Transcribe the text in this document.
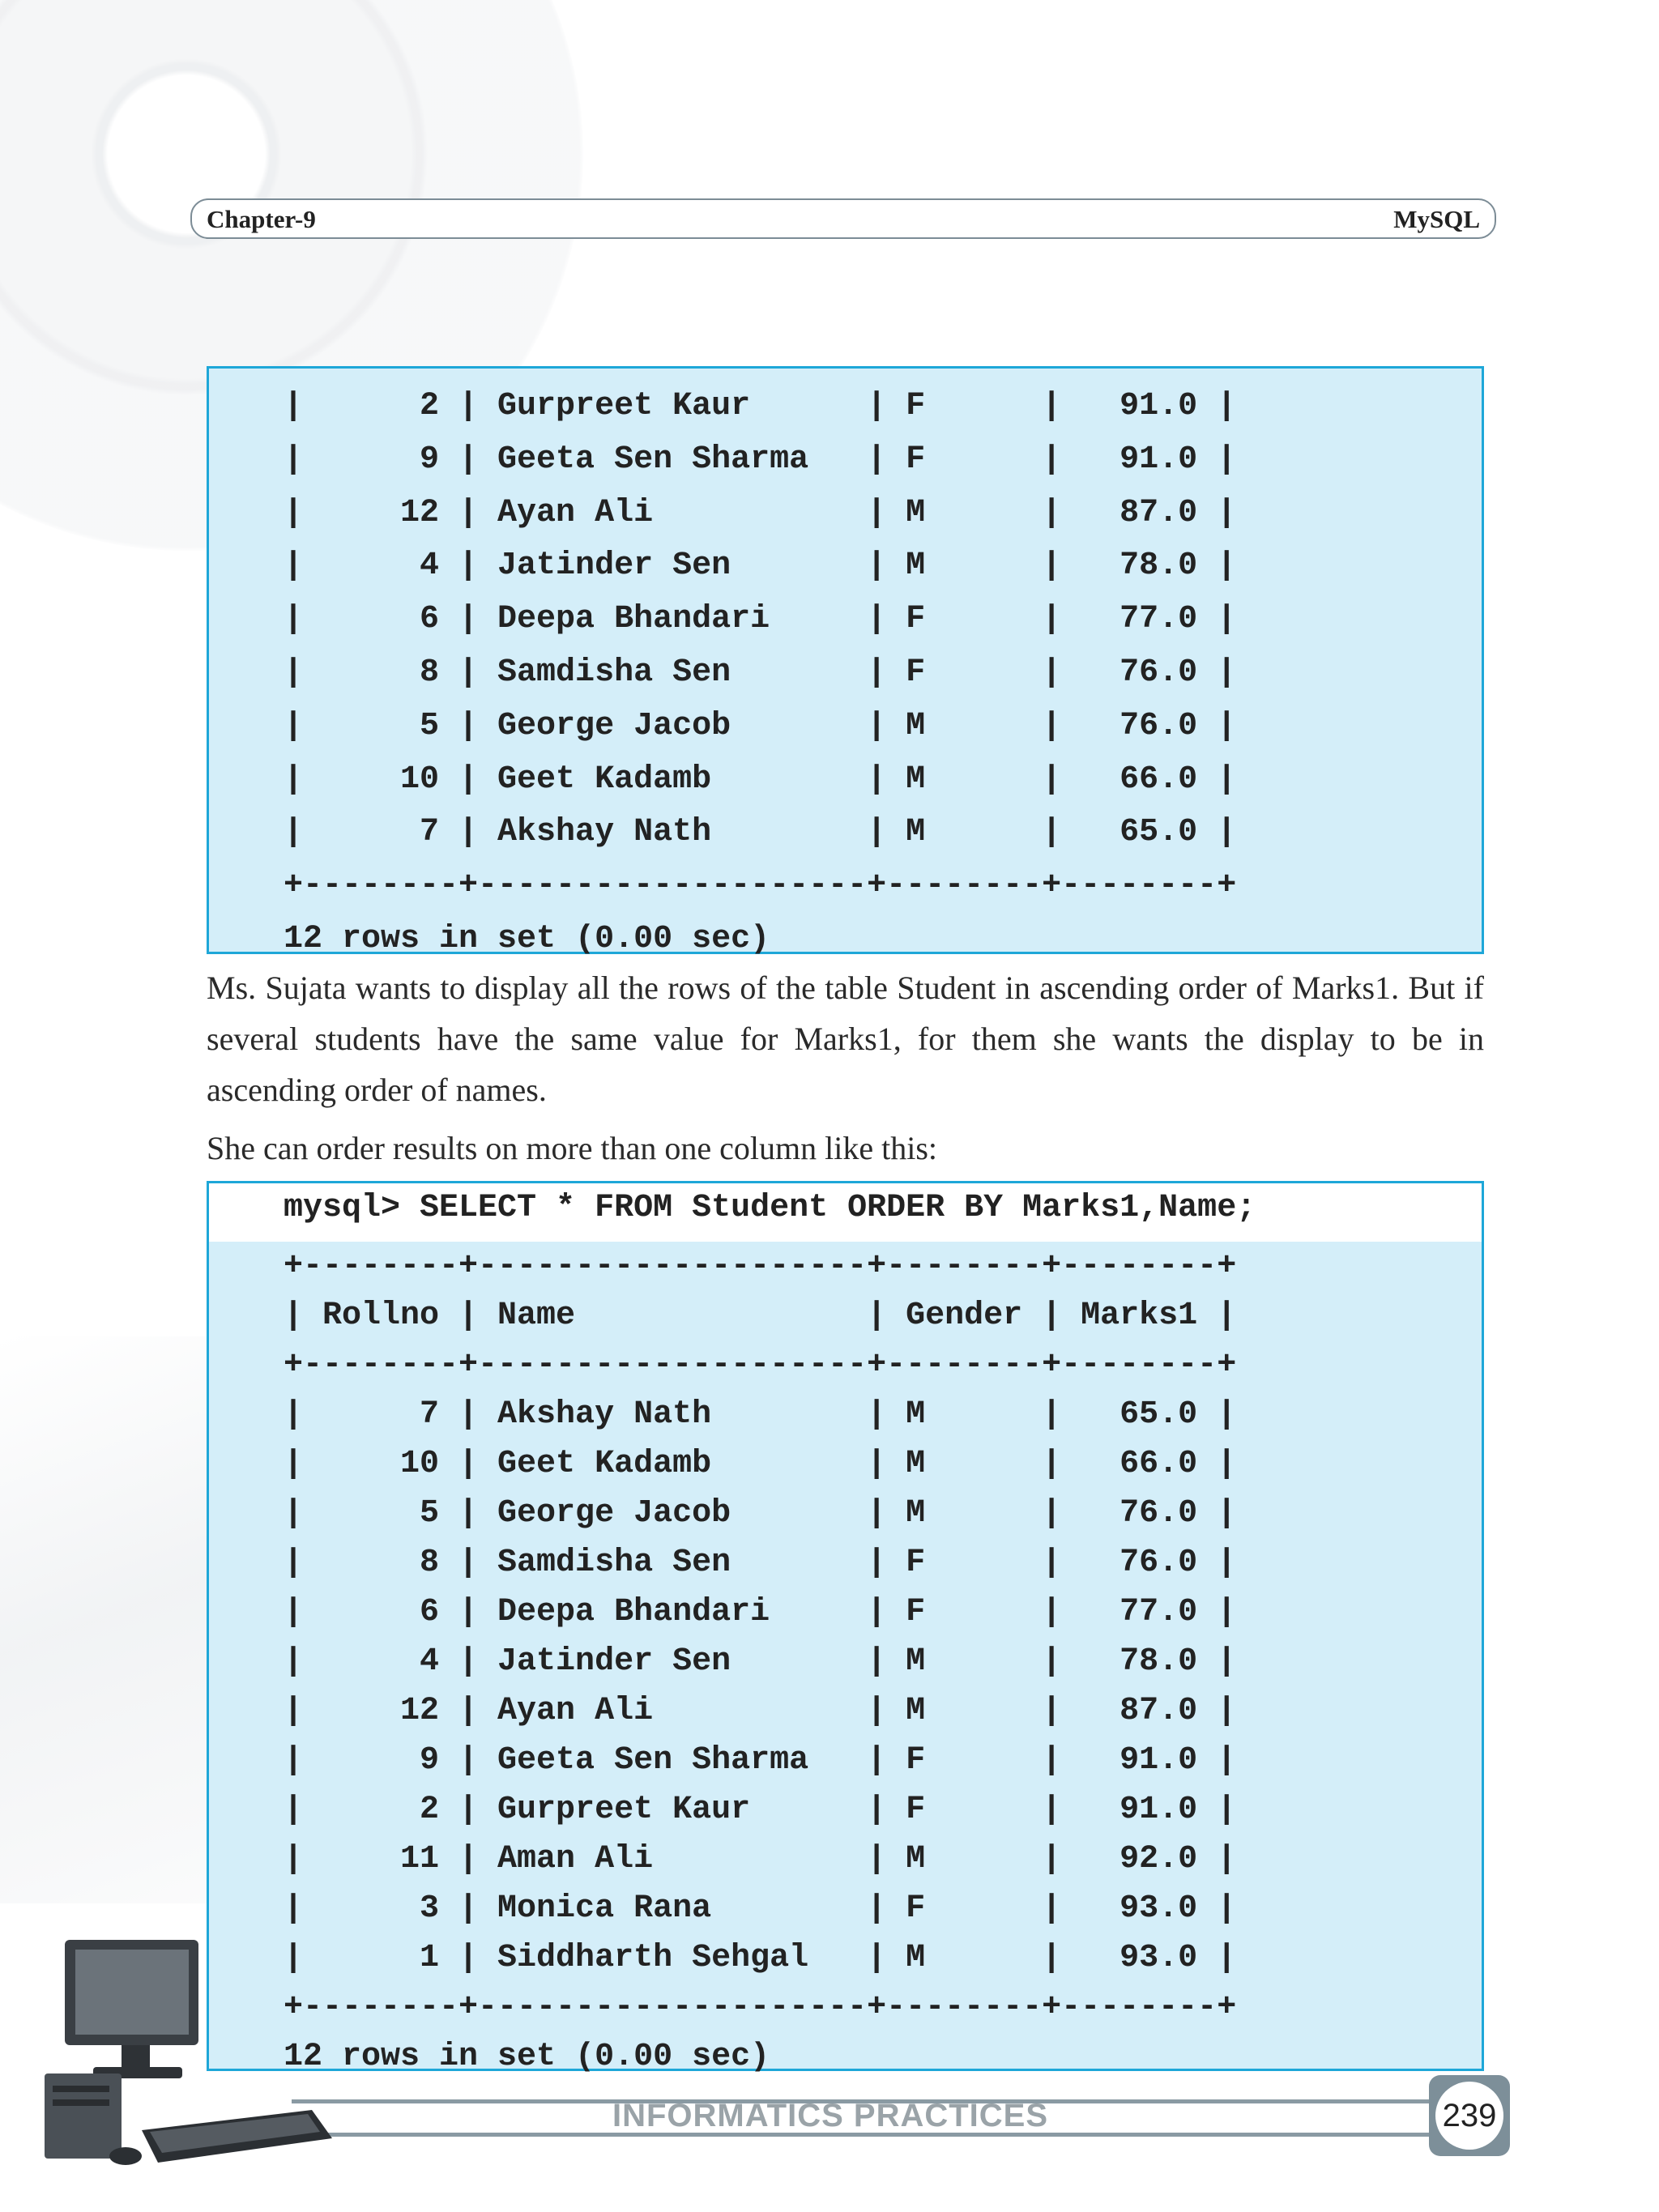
Chapter-9	MySQL
|      2 | Gurpreet Kaur      | F      |   91.0 |
|      9 | Geeta Sen Sharma   | F      |   91.0 |
|     12 | Ayan Ali           | M      |   87.0 |
|      4 | Jatinder Sen       | M      |   78.0 |
|      6 | Deepa Bhandari     | F      |   77.0 |
|      8 | Samdisha Sen       | F      |   76.0 |
|      5 | George Jacob       | M      |   76.0 |
|     10 | Geet Kadamb        | M      |   66.0 |
|      7 | Akshay Nath        | M      |   65.0 |
+--------+--------------------+--------+--------+
12 rows in set (0.00 sec)
Ms. Sujata wants to display all the rows of the table Student in ascending order of Marks1. But if several students have the same value for Marks1, for them she wants the display to be in ascending order of names.
She can order results on more than one column like this:
mysql> SELECT * FROM Student ORDER BY Marks1,Name;
+--------+--------------------+--------+--------+
| Rollno | Name               | Gender | Marks1 |
+--------+--------------------+--------+--------+
|      7 | Akshay Nath        | M      |   65.0 |
|     10 | Geet Kadamb        | M      |   66.0 |
|      5 | George Jacob       | M      |   76.0 |
|      8 | Samdisha Sen       | F      |   76.0 |
|      6 | Deepa Bhandari     | F      |   77.0 |
|      4 | Jatinder Sen       | M      |   78.0 |
|     12 | Ayan Ali           | M      |   87.0 |
|      9 | Geeta Sen Sharma   | F      |   91.0 |
|      2 | Gurpreet Kaur      | F      |   91.0 |
|     11 | Aman Ali           | M      |   92.0 |
|      3 | Monica Rana        | F      |   93.0 |
|      1 | Siddharth Sehgal   | M      |   93.0 |
+--------+--------------------+--------+--------+
12 rows in set (0.00 sec)
INFORMATICS PRACTICES	239
